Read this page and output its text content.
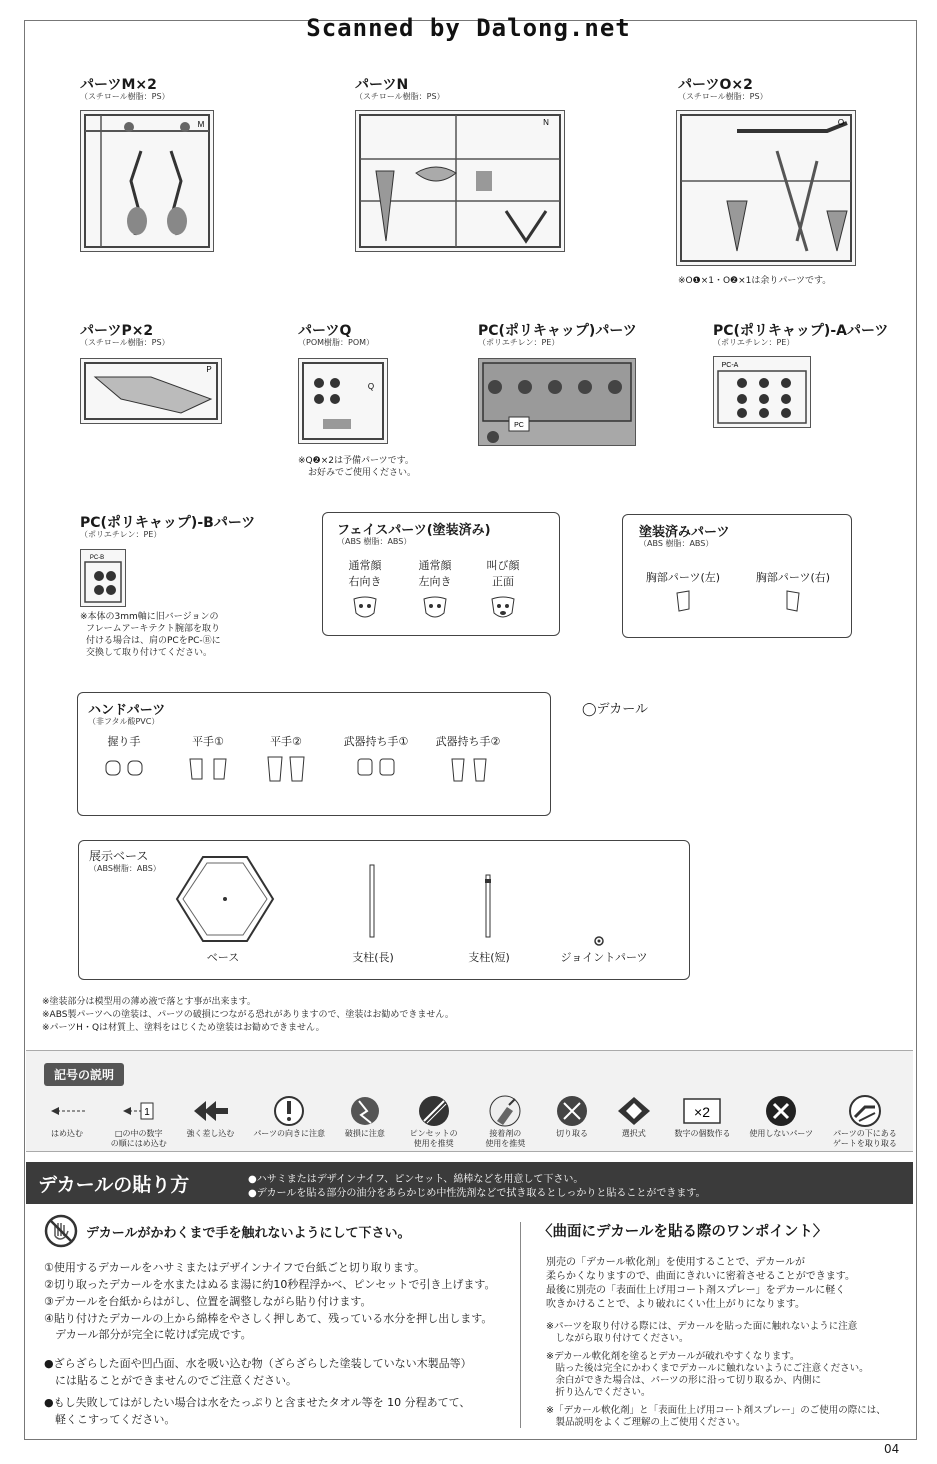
Scanned by Dalong.net
パーツM×2
（スチロール樹脂：PS）
M
パーツN
（スチロール樹脂：PS）
N
パーツO×2
（スチロール樹脂：PS）
O
※O❶×1・O❷×1は余りパーツです。
パーツP×2
（スチロール樹脂：PS）
P
パーツQ
（POM樹脂：POM）
Q
※Q❷×2は予備パーツです。
お好みでご使用ください。
PC(ポリキャップ)パーツ
（ポリエチレン：PE）
PC
PC(ポリキャップ)-Aパーツ
（ポリエチレン：PE）
PC-A
PC(ポリキャップ)-Bパーツ
（ポリエチレン：PE）
PC-B
※本体の3mm軸に旧バージョンの
フレームアーキテクト腕部を取り
付ける場合は、肩のPCをPC-Ⓑに
交換して取り付けてください。
フェイスパーツ(塗装済み)
（ABS 樹脂：ABS）
通常顔
右向き
通常顔
左向き
叫び顔
正面
塗装済みパーツ
（ABS 樹脂：ABS）
胸部パーツ(左)	胸部パーツ(右)
ハンドパーツ
（非フタル酸PVC）
握り手	平手①	平手②	武器持ち手①	武器持ち手②
◯デカール
展示ベース
（ABS樹脂：ABS）
ベース	支柱(長)	支柱(短)	ジョイントパーツ
※塗装部分は模型用の薄め液で落とす事が出来ます。
※ABS製パーツへの塗装は、パーツの破損につながる恐れがありますので、塗装はお勧めできません。
※パーツH・Qは材質上、塗料をはじくため塗装はお勧めできません。
記号の説明
はめ込む
1
□の中の数字
の順にはめ込む
強く差し込む	パーツの向きに注意	破損に注意	ピンセットの
使用を推奨
接着剤の
使用を推奨
切り取る	選択式
×2
数字の個数作る	使用しないパーツ	パーツの下にある
ゲートを取り取る
デカールの貼り方	●ハサミまたはデザインナイフ、ピンセット、綿棒などを用意して下さい。
●デカールを貼る部分の油分をあらかじめ中性洗剤などで拭き取るとしっかりと貼ることができます。
デカールがかわくまで手を触れないようにして下さい。
①使用するデカールをハサミまたはデザインナイフで台紙ごと切り取ります。
②切り取ったデカールを水またはぬるま湯に約10秒程浮かべ、ピンセットで引き上げます。
③デカールを台紙からはがし、位置を調整しながら貼り付けます。
④貼り付けたデカールの上から綿棒をやさしく押しあて、残っている水分を押し出します。
　デカール部分が完全に乾けば完成です。
●ざらざらした面や凹凸面、水を吸い込む物（ざらざらした塗装していない木製品等）
　には貼ることができませんのでご注意ください。
●もし失敗してはがしたい場合は水をたっぷりと含ませたタオル等を 10 分程あてて、
　軽くこすってください。
〈曲面にデカールを貼る際のワンポイント〉
別売の「デカール軟化剤」を使用することで、デカールが
柔らかくなりますので、曲面にきれいに密着させることができます。
最後に別売の「表面仕上げ用コート剤スプレー」をデカールに軽く
吹きかけることで、より破れにくい仕上がりになります。
※パーツを取り付ける際には、デカールを貼った面に触れないように注意
　しながら取り付けてください。
※デカール軟化剤を塗るとデカールが破れやすくなります。
　貼った後は完全にかわくまでデカールに触れないようにご注意ください。
　余白ができた場合は、パーツの形に沿って切り取るか、内側に
　折り込んでください。
※「デカール軟化剤」と「表面仕上げ用コート剤スプレー」のご使用の際には、
　製品説明をよくご理解の上ご使用ください。
04
